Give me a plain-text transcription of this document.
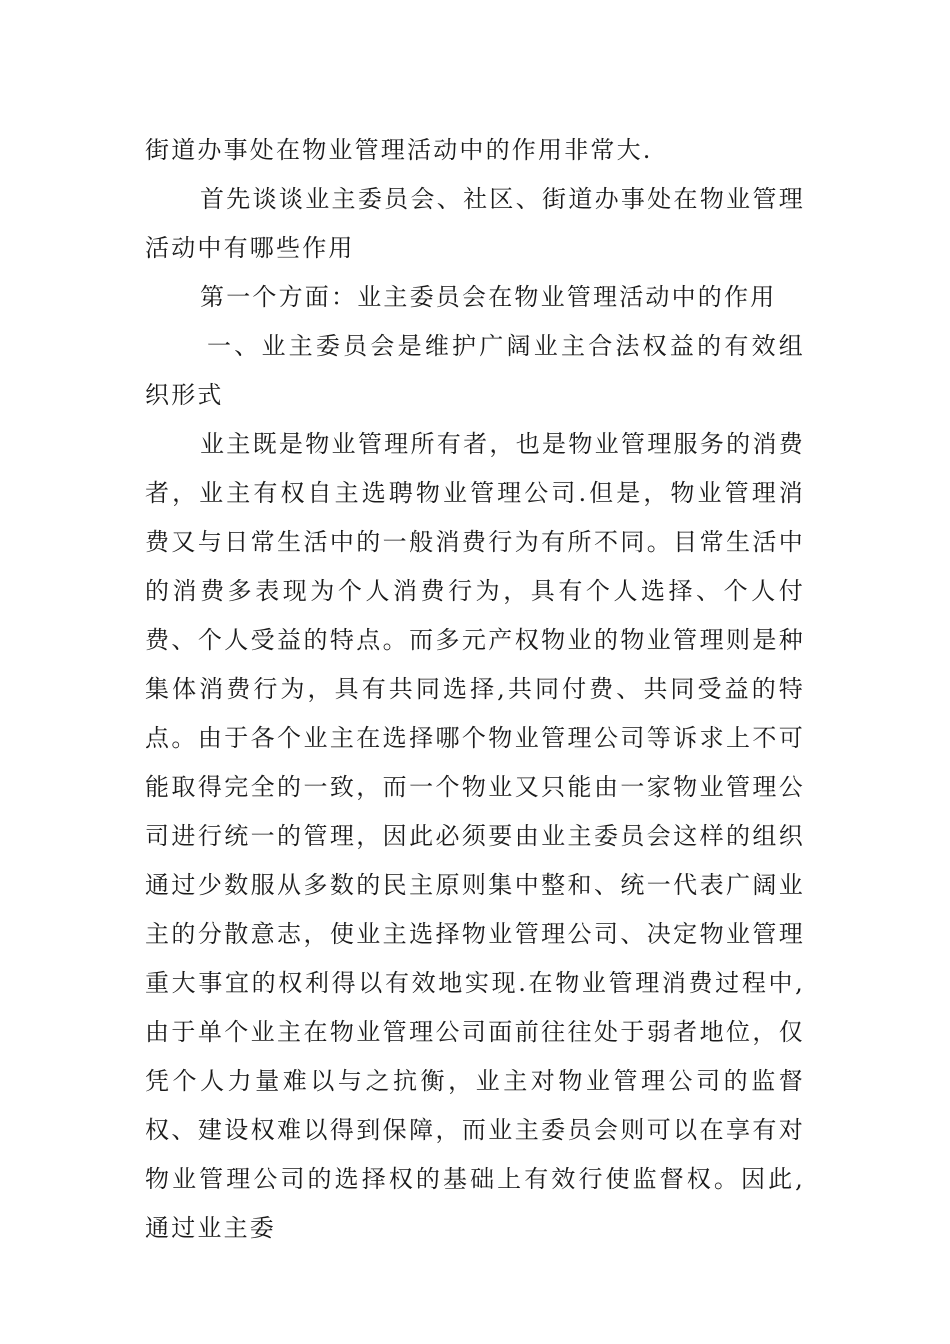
街道办事处在物业管理活动中的作用非常大.

首先谈谈业主委员会、社区、街道办事处在物业管理活动中有哪些作用

第一个方面：业主委员会在物业管理活动中的作用

一、业主委员会是维护广阔业主合法权益的有效组织形式

业主既是物业管理所有者，也是物业管理服务的消费者，业主有权自主选聘物业管理公司.但是，物业管理消费又与日常生活中的一般消费行为有所不同。目常生活中的消费多表现为个人消费行为，具有个人选择、个人付费、个人受益的特点。而多元产权物业的物业管理则是种集体消费行为，具有共同选择,共同付费、共同受益的特点。由于各个业主在选择哪个物业管理公司等诉求上不可能取得完全的一致，而一个物业又只能由一家物业管理公司进行统一的管理，因此必须要由业主委员会这样的组织通过少数服从多数的民主原则集中整和、统一代表广阔业主的分散意志，使业主选择物业管理公司、决定物业管理重大事宜的权利得以有效地实现.在物业管理消费过程中,由于单个业主在物业管理公司面前往往处于弱者地位，仅凭个人力量难以与之抗衡，业主对物业管理公司的监督权、建设权难以得到保障，而业主委员会则可以在享有对物业管理公司的选择权的基础上有效行使监督权。因此,通过业主委
